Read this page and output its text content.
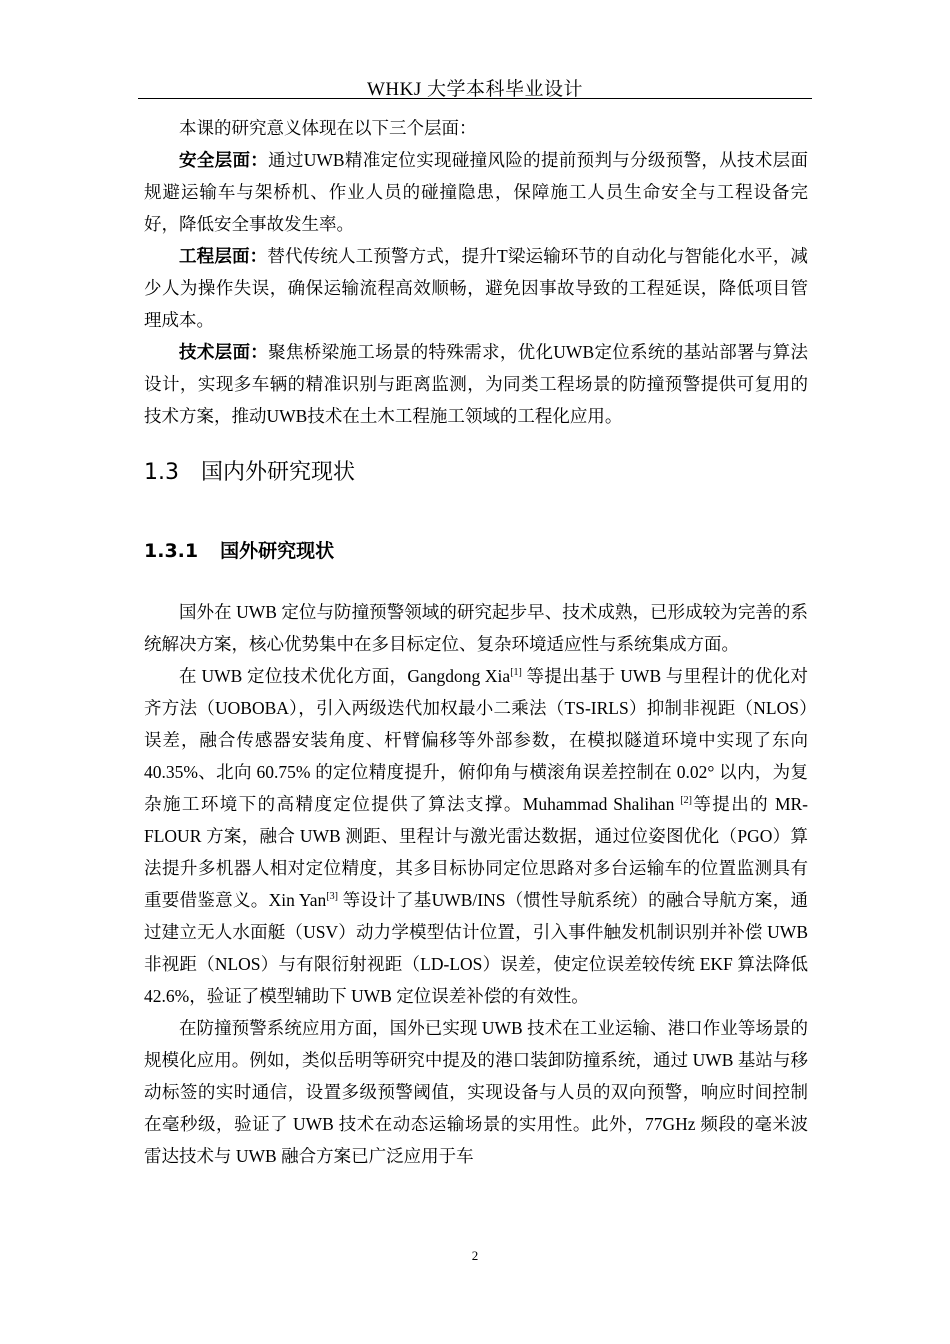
WHKJ 大学本科毕业设计

本课的研究意义体现在以下三个层面：

安全层面：通过UWB精准定位实现碰撞风险的提前预判与分级预警，从技术层面规避运输车与架桥机、作业人员的碰撞隐患，保障施工人员生命安全与工程设备完好，降低安全事故发生率。

工程层面：替代传统人工预警方式，提升T梁运输环节的自动化与智能化水平，减少人为操作失误，确保运输流程高效顺畅，避免因事故导致的工程延误，降低项目管理成本。

技术层面：聚焦桥梁施工场景的特殊需求，优化UWB定位系统的基站部署与算法设计，实现多车辆的精准识别与距离监测，为同类工程场景的防撞预警提供可复用的技术方案，推动UWB技术在土木工程施工领域的工程化应用。

1.3 国内外研究现状
1.3.1 国外研究现状

国外在 UWB 定位与防撞预警领域的研究起步早、技术成熟，已形成较为完善的系统解决方案，核心优势集中在多目标定位、复杂环境适应性与系统集成方面。

在 UWB 定位技术优化方面，Gangdong Xia[1] 等提出基于 UWB 与里程计的优化对齐方法（UOBOBA），引入两级迭代加权最小二乘法（TS-IRLS）抑制非视距（NLOS）误差，融合传感器安装角度、杆臂偏移等外部参数，在模拟隧道环境中实现了东向 40.35%、北向 60.75% 的定位精度提升，俯仰角与横滚角误差控制在 0.02° 以内，为复杂施工环境下的高精度定位提供了算法支撑。Muhammad Shalihan [2]等提出的 MR-FLOUR 方案，融合 UWB 测距、里程计与激光雷达数据，通过位姿图优化（PGO）算法提升多机器人相对定位精度，其多目标协同定位思路对多台运输车的位置监测具有重要借鉴意义。Xin Yan[3] 等设计了基UWB/INS（惯性导航系统）的融合导航方案，通过建立无人水面艇（USV）动力学模型估计位置，引入事件触发机制识别并补偿 UWB 非视距（NLOS）与有限衍射视距（LD-LOS）误差，使定位误差较传统 EKF 算法降低 42.6%，验证了模型辅助下 UWB 定位误差补偿的有效性。

在防撞预警系统应用方面，国外已实现 UWB 技术在工业运输、港口作业等场景的规模化应用。例如，类似岳明等研究中提及的港口装卸防撞系统，通过 UWB 基站与移动标签的实时通信，设置多级预警阈值，实现设备与人员的双向预警，响应时间控制在毫秒级，验证了 UWB 技术在动态运输场景的实用性。此外，77GHz 频段的毫米波雷达技术与 UWB 融合方案已广泛应用于车

2
